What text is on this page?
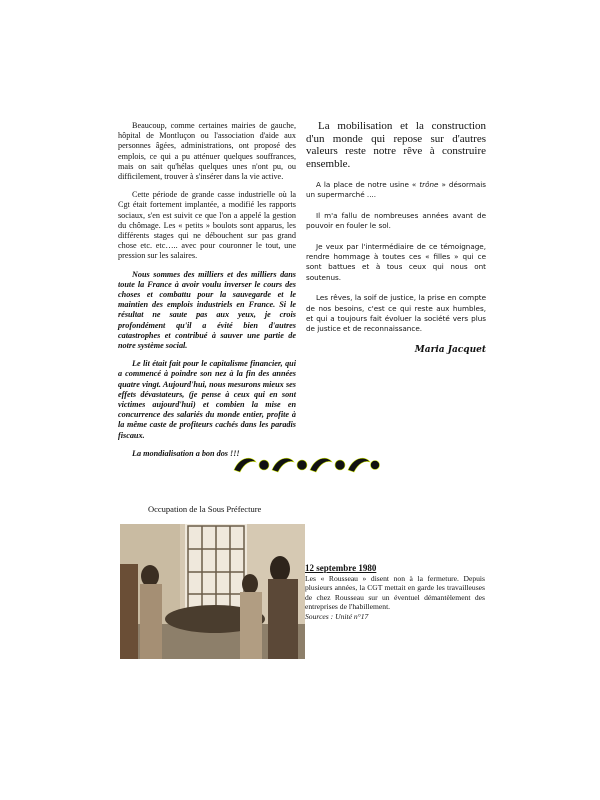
Beaucoup, comme certaines mairies de gauche, hôpital de Montluçon ou l'association d'aide aux personnes âgées, administrations, ont proposé des emplois, ce qui a pu atténuer quelques souffrances, mais on sait qu'hélas quelques unes n'ont pu, ou difficilement, trouver à s'insérer dans la vie active.

Cette période de grande casse industrielle où la Cgt était fortement implantée, a modifié les rapports sociaux, s'en est suivit ce que l'on a appelé la gestion du chômage. Les « petits » boulots sont apparus, les différents stages qui ne débouchent sur pas grand chose etc. etc….. avec pour couronner le tout, une pression sur les salaires.

Nous sommes des milliers et des milliers dans toute la France à avoir voulu inverser le cours des choses et combattu pour la sauvegarde et le maintien des emplois industriels en France. Si le résultat ne saute pas aux yeux, je crois profondément qu'il a évité bien d'autres catastrophes et contribué à sauver une partie de notre système social.

Le lit était fait pour le capitalisme financier, qui a commencé à poindre son nez à la fin des années quatre vingt. Aujourd'hui, nous mesurons mieux ses effets dévastateurs, (je pense à ceux qui en sont victimes aujourd'hui) et combien la mise en concurrence des salariés du monde entier, profite à la même caste de profiteurs cachés dans les paradis fiscaux.

La mondialisation a bon dos !!!

La mobilisation et la construction d'un monde qui repose sur d'autres valeurs reste notre rêve à construire ensemble.

A la place de notre usine « trône » désormais un supermarché ....

Il m'a fallu de nombreuses années avant de pouvoir en fouler le sol.

Je veux par l'intermédiaire de ce témoignage, rendre hommage à toutes ces « filles » qui ce sont battues et à tous ceux qui nous ont soutenus.

Les rêves, la soif de justice, la prise en compte de nos besoins, c'est ce qui reste aux humbles, et qui a toujours fait évoluer la société vers plus de justice et de reconnaissance.

Maria Jacquet
Occupation de la Sous Préfecture
12 septembre 1980
Les « Rousseau » disent non à la fermeture. Depuis plusieurs années, la CGT mettait en garde les travailleuses de chez Rousseau sur un éventuel démantèlement des entreprises de l'habillement.
Sources : Unité n°17
